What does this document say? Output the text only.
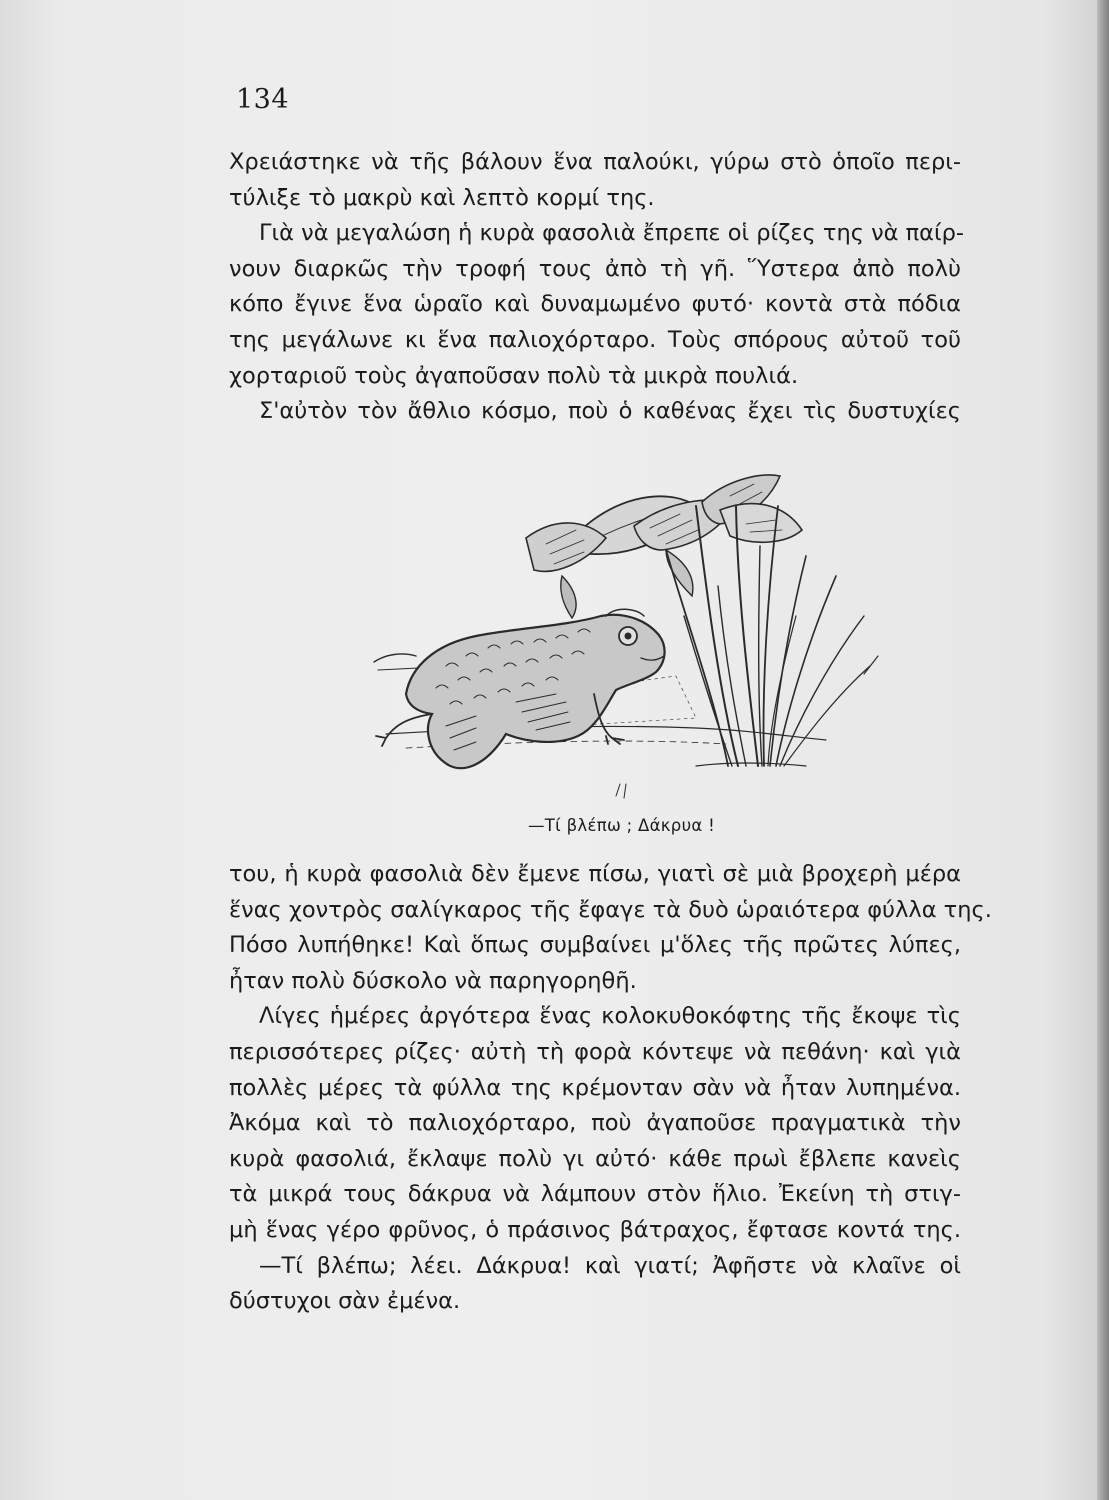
134
Χρειάστηκε νὰ τῆς βάλουν ἕνα παλούκι, γύρω στὸ ὁποῖο περι-
τύλιξε τὸ μακρὺ καὶ λεπτὸ κορμί της.
Γιὰ νὰ μεγαλώση ἡ κυρὰ φασολιὰ ἔπρεπε οἱ ρίζες της νὰ παίρ-
νουν διαρκῶς τὴν τροφή τους ἀπὸ τὴ γῆ. Ὕστερα ἀπὸ πολὺ
κόπο ἔγινε ἕνα ὡραῖο καὶ δυναμωμένο φυτό· κοντὰ στὰ πόδια
της μεγάλωνε κι ἕνα παλιοχόρταρο. Τοὺς σπόρους αὐτοῦ τοῦ
χορταριοῦ τοὺς ἀγαποῦσαν πολὺ τὰ μικρὰ πουλιά.
Σ'αὐτὸν τὸν ἄθλιο κόσμο, ποὺ ὁ καθένας ἔχει τὶς δυστυχίες
—Τί βλέπω ; Δάκρυα !
του, ἡ κυρὰ φασολιὰ δὲν ἔμενε πίσω, γιατὶ σὲ μιὰ βροχερὴ μέρα
ἕνας χοντρὸς σαλίγκαρος τῆς ἔφαγε τὰ δυὸ ὡραιότερα φύλλα της.
Πόσο λυπήθηκε! Καὶ ὅπως συμβαίνει μ'ὅλες τῆς πρῶτες λύπες,
ἦταν πολὺ δύσκολο νὰ παρηγορηθῆ.
Λίγες ἡμέρες ἀργότερα ἕνας κολοκυθοκόφτης τῆς ἔκοψε τὶς
περισσότερες ρίζες· αὐτὴ τὴ φορὰ κόντεψε νὰ πεθάνη· καὶ γιὰ
πολλὲς μέρες τὰ φύλλα της κρέμονταν σὰν νὰ ἦταν λυπημένα.
Ἀκόμα καὶ τὸ παλιοχόρταρο, ποὺ ἀγαποῦσε πραγματικὰ τὴν
κυρὰ φασολιά, ἔκλαψε πολὺ γι αὐτό· κάθε πρωὶ ἔβλεπε κανεὶς
τὰ μικρά τους δάκρυα νὰ λάμπουν στὸν ἥλιο. Ἐκείνη τὴ στιγ-
μὴ ἕνας γέρο φρῦνος, ὁ πράσινος βάτραχος, ἔφτασε κοντά της.
—Τί βλέπω; λέει. Δάκρυα! καὶ γιατί; Ἀφῆστε νὰ κλαῖνε οἱ
δύστυχοι σὰν ἐμένα.
